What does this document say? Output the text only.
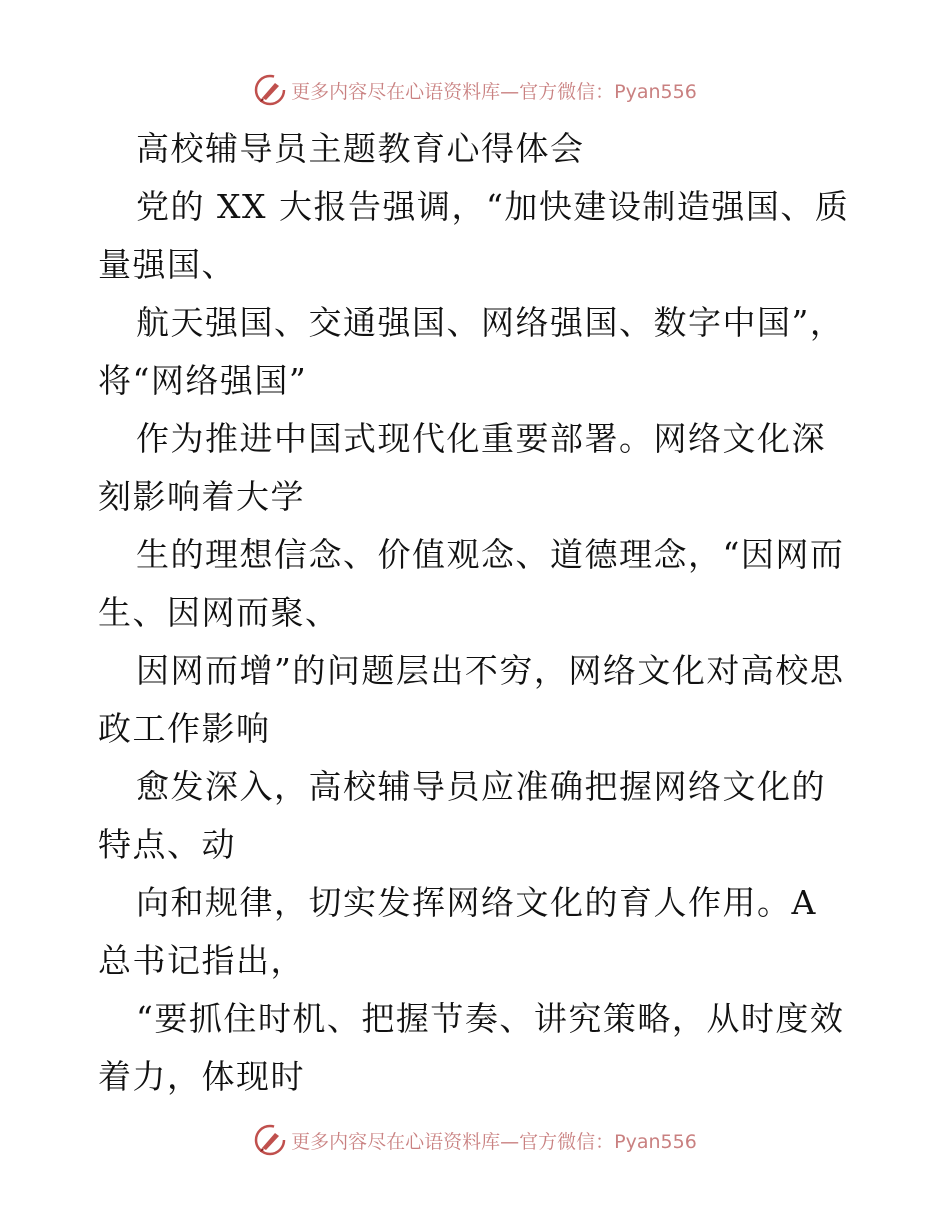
更多内容尽在心语资料库—官方微信：Pyan556

高校辅导员主题教育心得体会

党的 XX 大报告强调，“加快建设制造强国、质量强国、

航天强国、交通强国、网络强国、数字中国”，将“网络强国”

作为推进中国式现代化重要部署。网络文化深刻影响着大学

生的理想信念、价值观念、道德理念，“因网而生、因网而聚、

因网而增”的问题层出不穷，网络文化对高校思政工作影响

愈发深入，高校辅导员应准确把握网络文化的特点、动

向和规律，切实发挥网络文化的育人作用。A 总书记指出，

“要抓住时机、把握节奏、讲究策略，从时度效着力，体现时

更多内容尽在心语资料库—官方微信：Pyan556
